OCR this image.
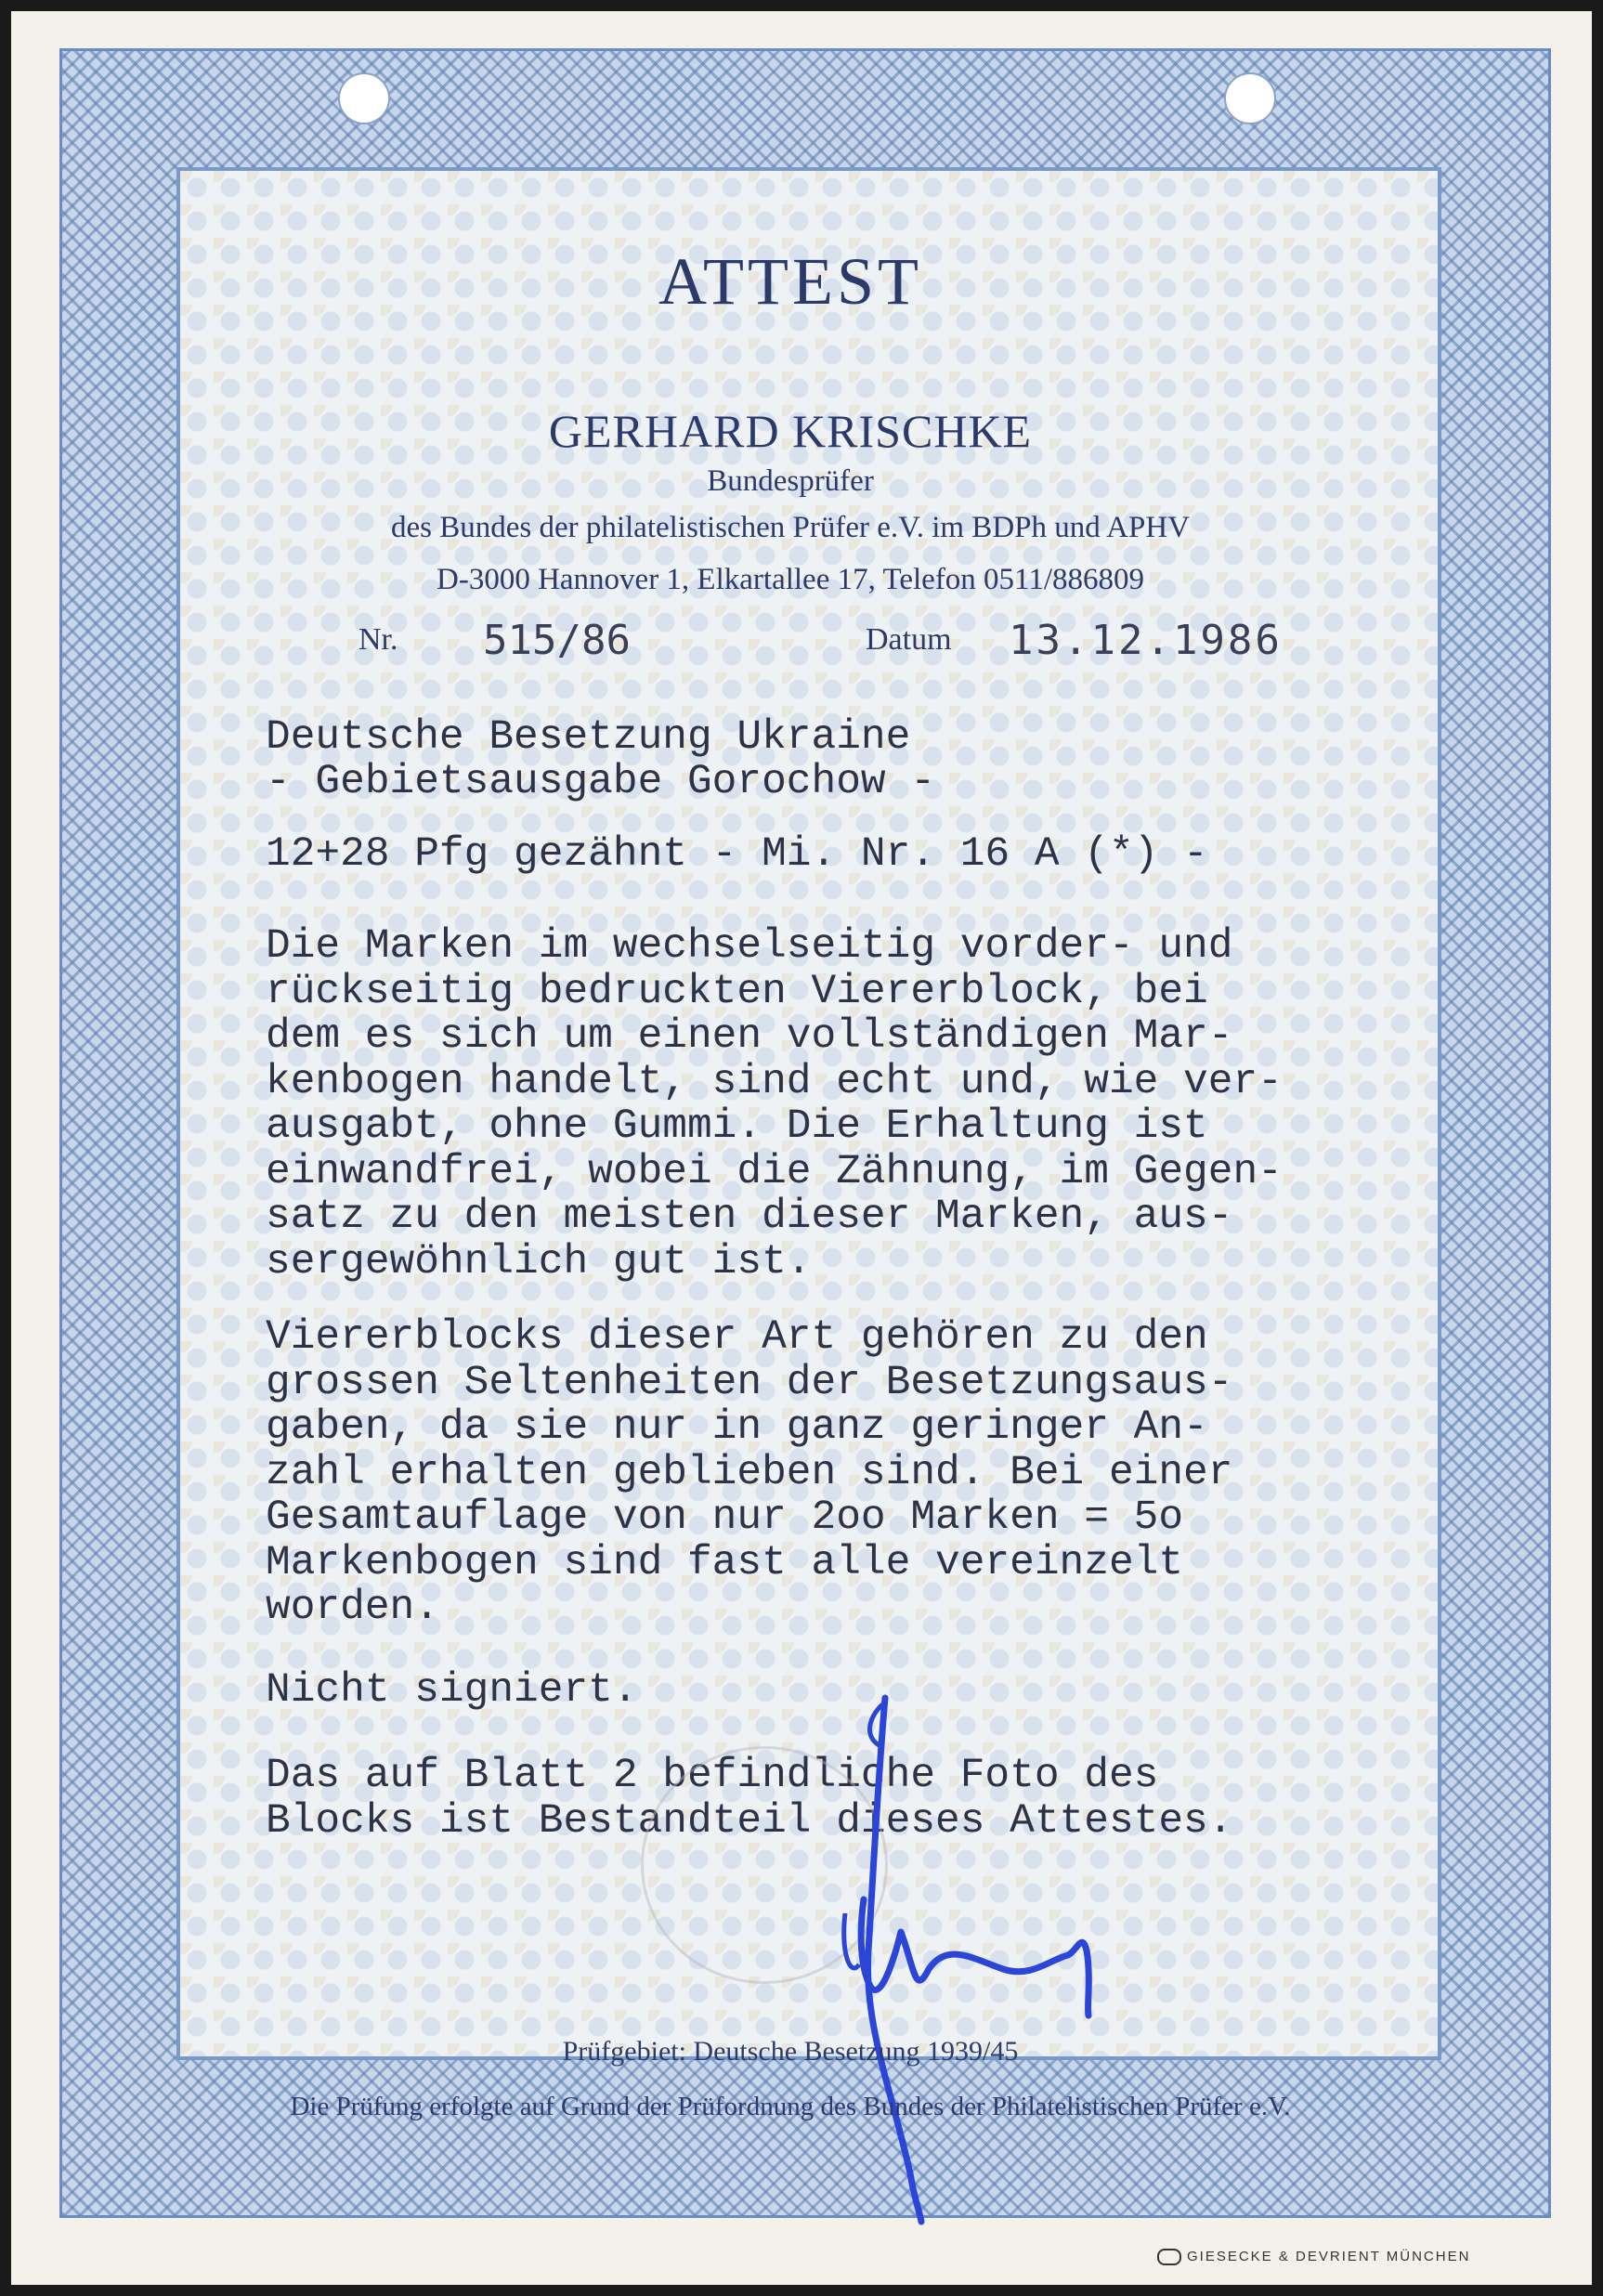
ATTEST
GERHARD KRISCHKE
Bundesprüfer
des Bundes der philatelistischen Prüfer e.V. im BDPh und APHV
D-3000 Hannover 1, Elkartallee 17, Telefon 0511/886809
Nr. 515/86	Datum 13.12.1986
Deutsche Besetzung Ukraine
- Gebietsausgabe Gorochow -
12+28 Pfg gezähnt - Mi. Nr. 16 A (*) -
Die Marken im wechselseitig vorder- und
rückseitig bedruckten Viererblock, bei
dem es sich um einen vollständigen Mar-
kenbogen handelt, sind echt und, wie ver-
ausgabt, ohne Gummi. Die Erhaltung ist
einwandfrei, wobei die Zähnung, im Gegen-
satz zu den meisten dieser Marken, aus-
sergewöhnlich gut ist.
Viererblocks dieser Art gehören zu den
grossen Seltenheiten der Besetzungsaus-
gaben, da sie nur in ganz geringer An-
zahl erhalten geblieben sind. Bei einer
Gesamtauflage von nur 2oo Marken = 5o
Markenbogen sind fast alle vereinzelt
worden.
Nicht signiert.
Das auf Blatt 2 befindliche Foto des
Blocks ist Bestandteil dieses Attestes.
Prüfgebiet: Deutsche Besetzung 1939/45
Die Prüfung erfolgte auf Grund der Prüfordnung des Bundes der Philatelistischen Prüfer e.V.
GIESECKE & DEVRIENT MÜNCHEN
